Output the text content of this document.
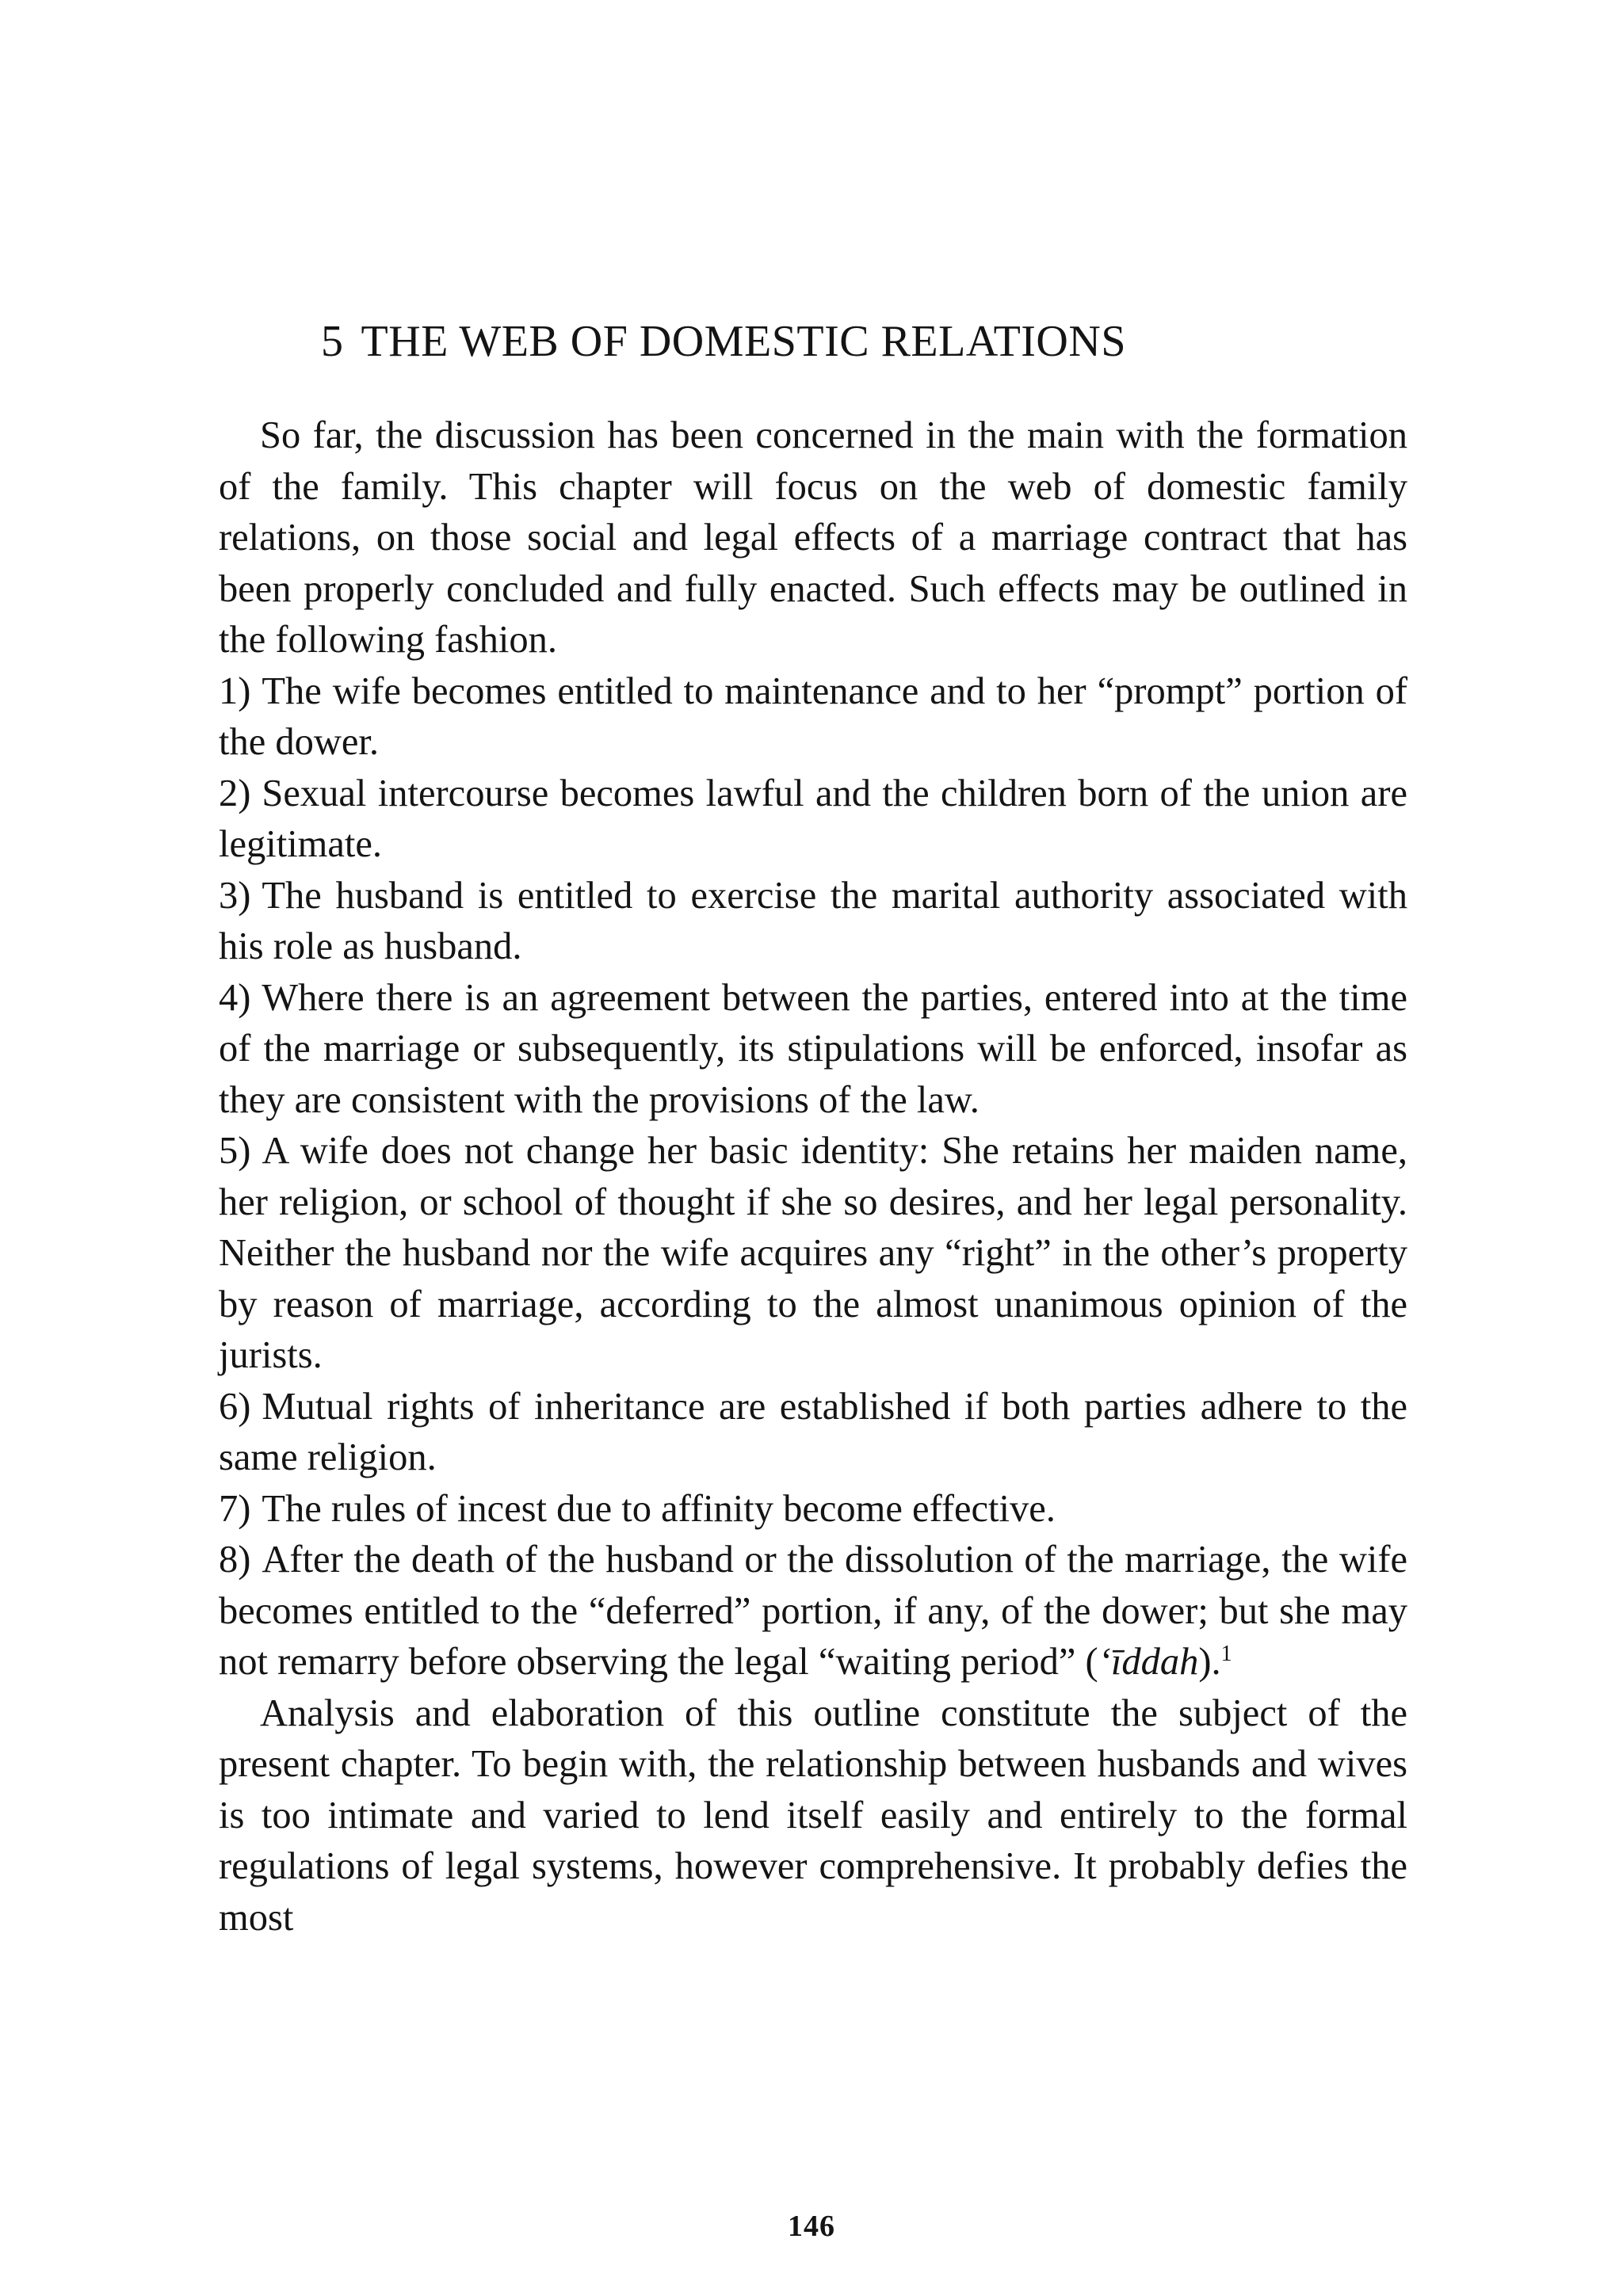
5 THE WEB OF DOMESTIC RELATIONS

So far, the discussion has been concerned in the main with the formation of the family. This chapter will focus on the web of domestic family relations, on those social and legal effects of a marriage contract that has been properly concluded and fully enacted. Such effects may be outlined in the following fashion.

1) The wife becomes entitled to maintenance and to her “prompt” portion of the dower.

2) Sexual intercourse becomes lawful and the children born of the union are legitimate.

3) The husband is entitled to exercise the marital authority associated with his role as husband.

4) Where there is an agreement between the parties, entered into at the time of the marriage or subsequently, its stipulations will be enforced, insofar as they are consistent with the provisions of the law.

5) A wife does not change her basic identity: She retains her maiden name, her religion, or school of thought if she so desires, and her legal personality. Neither the husband nor the wife acquires any “right” in the other’s property by reason of marriage, according to the almost unanimous opinion of the jurists.

6) Mutual rights of inheritance are established if both parties adhere to the same religion.

7) The rules of incest due to affinity become effective.

8) After the death of the husband or the dissolution of the marriage, the wife becomes entitled to the “deferred” portion, if any, of the dower; but she may not remarry before observing the legal “waiting period” (‘īddah).$^1$

Analysis and elaboration of this outline constitute the subject of the present chapter. To begin with, the relationship between husbands and wives is too intimate and varied to lend itself easily and entirely to the formal regulations of legal systems, however comprehensive. It probably defies the most

146
